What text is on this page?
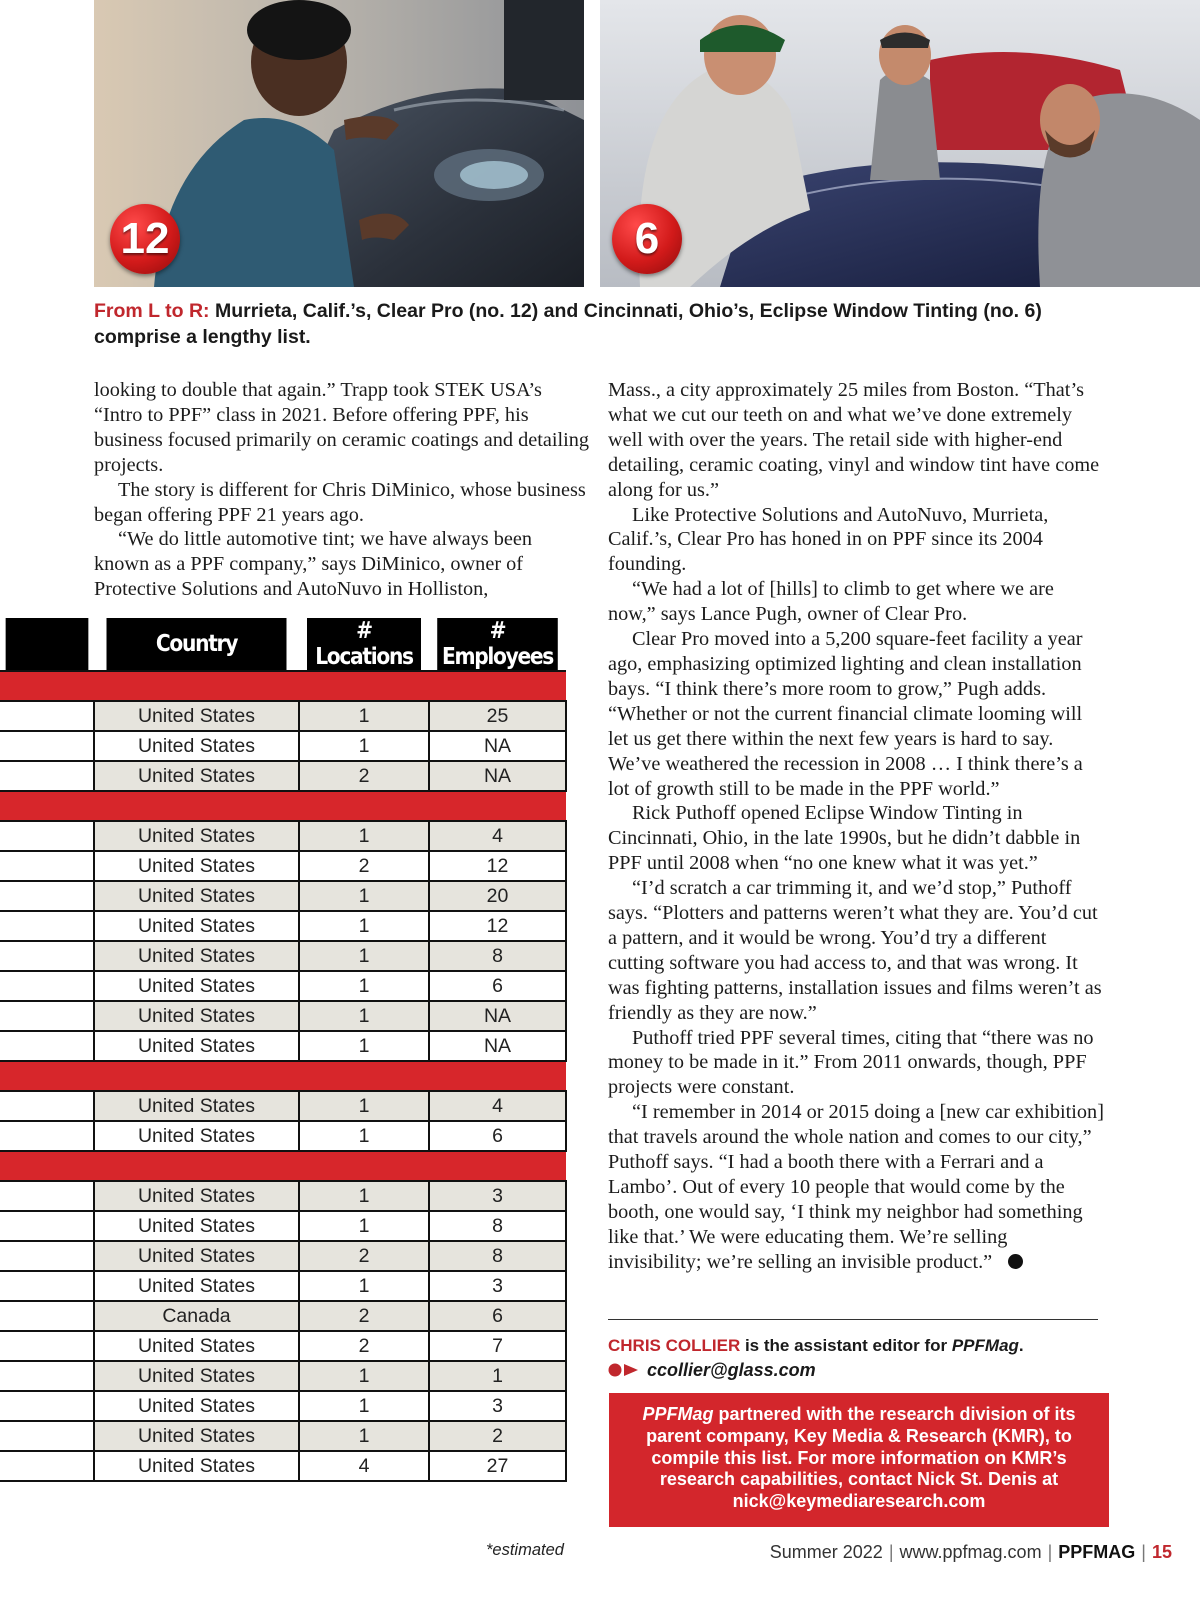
12	6
From L to R: Murrieta, Calif.’s, Clear Pro (no. 12) and Cincinnati, Ohio’s, Eclipse Window Tinting (no. 6) comprise a lengthy list.

looking to double that again.” Trapp took STEK USA’s “Intro to PPF” class in 2021. Before offering PPF, his business focused primarily on ceramic coatings and detailing projects.

The story is different for Chris DiMinico, whose business began offering PPF 21 years ago.

“We do little automotive tint; we have always been known as a PPF company,” says DiMinico, owner of Protective Solutions and AutoNuvo in Holliston,

	Country	# Locations	# Employees

	United States	1	25
	United States	1	NA
	United States	2	NA

	United States	1	4
	United States	2	12
	United States	1	20
	United States	1	12
	United States	1	8
	United States	1	6
	United States	1	NA
	United States	1	NA

	United States	1	4
	United States	1	6

	United States	1	3
	United States	1	8
	United States	2	8
	United States	1	3
	Canada	2	6
	United States	2	7
	United States	1	1
	United States	1	3
	United States	1	2
	United States	4	27
*estimated

Mass., a city approximately 25 miles from Boston. “That’s what we cut our teeth on and what we’ve done extremely well with over the years. The retail side with higher-end detailing, ceramic coating, vinyl and window tint have come along for us.”

Like Protective Solutions and AutoNuvo, Murrieta, Calif.’s, Clear Pro has honed in on PPF since its 2004 founding.

“We had a lot of [hills] to climb to get where we are now,” says Lance Pugh, owner of Clear Pro.

Clear Pro moved into a 5,200 square-feet facility a year ago, emphasizing optimized lighting and clean installation bays. “I think there’s more room to grow,” Pugh adds. “Whether or not the current financial climate looming will let us get there within the next few years is hard to say. We’ve weathered the recession in 2008 … I think there’s a lot of growth still to be made in the PPF world.”

Rick Puthoff opened Eclipse Window Tinting in Cincinnati, Ohio, in the late 1990s, but he didn’t dabble in PPF until 2008 when “no one knew what it was yet.”

“I’d scratch a car trimming it, and we’d stop,” Puthoff says. “Plotters and patterns weren’t what they are. You’d cut a pattern, and it would be wrong. You’d try a different cutting software you had access to, and that was wrong. It was fighting patterns, installation issues and films weren’t as friendly as they are now.”

Puthoff tried PPF several times, citing that “there was no money to be made in it.” From 2011 onwards, though, PPF projects were constant.

“I remember in 2014 or 2015 doing a [new car exhibition] that travels around the whole nation and comes to our city,” Puthoff says. “I had a booth there with a Ferrari and a Lambo’. Out of every 10 people that would come by the booth, one would say, ‘I think my neighbor had something like that.’ We were educating them. We’re selling invisibility; we’re selling an invisible product.”

CHRIS COLLIER is the assistant editor for PPFMag.
ccollier@glass.com
PPFMag partnered with the research division of its parent company, Key Media & Research (KMR), to compile this list. For more information on KMR’s research capabilities, contact Nick St. Denis at nick@keymediaresearch.com
Summer 2022 | www.ppfmag.com | PPFMAG | 15
